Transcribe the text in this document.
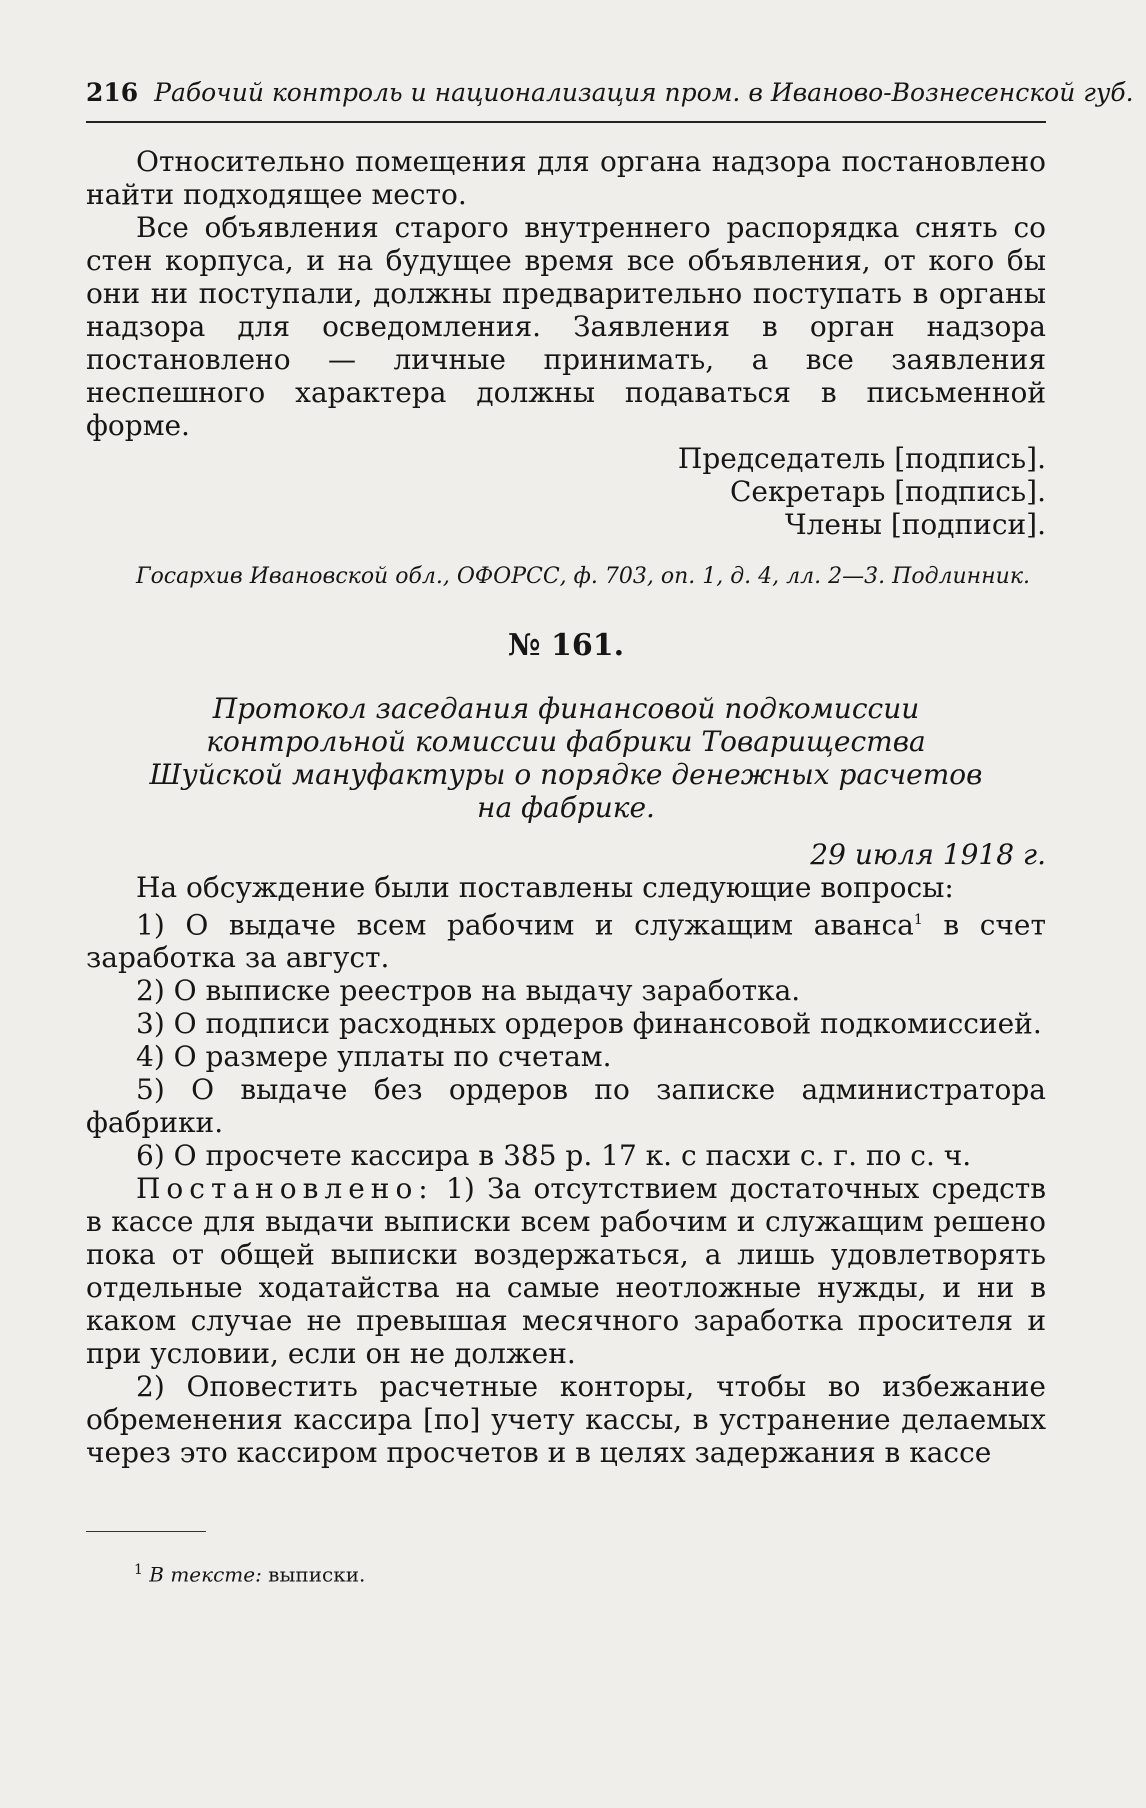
216 Рабочий контроль и национализация пром. в Иваново-Вознесенской губ.

Относительно помещения для органа надзора постановлено найти подходящее место.

Все объявления старого внутреннего распорядка снять со стен корпуса, и на будущее время все объявления, от кого бы они ни поступали, должны предварительно поступать в органы надзора для осведомления. Заявления в орган надзора постановлено — личные принимать, а все заявления неспешного характера должны подаваться в письменной форме.

Председатель [подпись].

Секретарь [подпись].

Члены [подписи].

Госархив Ивановской обл., ОФОРСС, ф. 703, оп. 1, д. 4, лл. 2—3. Подлинник.

№ 161.

Протокол заседания финансовой подкомиссии контрольной комиссии фабрики Товарищества Шуйской мануфактуры о порядке денежных расчетов на фабрике.

29 июля 1918 г.

На обсуждение были поставлены следующие вопросы:

1) О выдаче всем рабочим и служащим аванса$^1$ в счет заработка за август.

2) О выписке реестров на выдачу заработка.

3) О подписи расходных ордеров финансовой подкомиссией.

4) О размере уплаты по счетам.

5) О выдаче без ордеров по записке администратора фабрики.

6) О просчете кассира в 385 р. 17 к. с пасхи с. г. по с. ч.

Постановлено: 1) За отсутствием достаточных средств в кассе для выдачи выписки всем рабочим и служащим решено пока от общей выписки воздержаться, а лишь удовлетворять отдельные ходатайства на самые неотложные нужды, и ни в каком случае не превышая месячного заработка просителя и при условии, если он не должен.

2) Оповестить расчетные конторы, чтобы во избежание обременения кассира [по] учету кассы, в устранение делаемых через это кассиром просчетов и в целях задержания в кассе

$^1$ В тексте: выписки.
